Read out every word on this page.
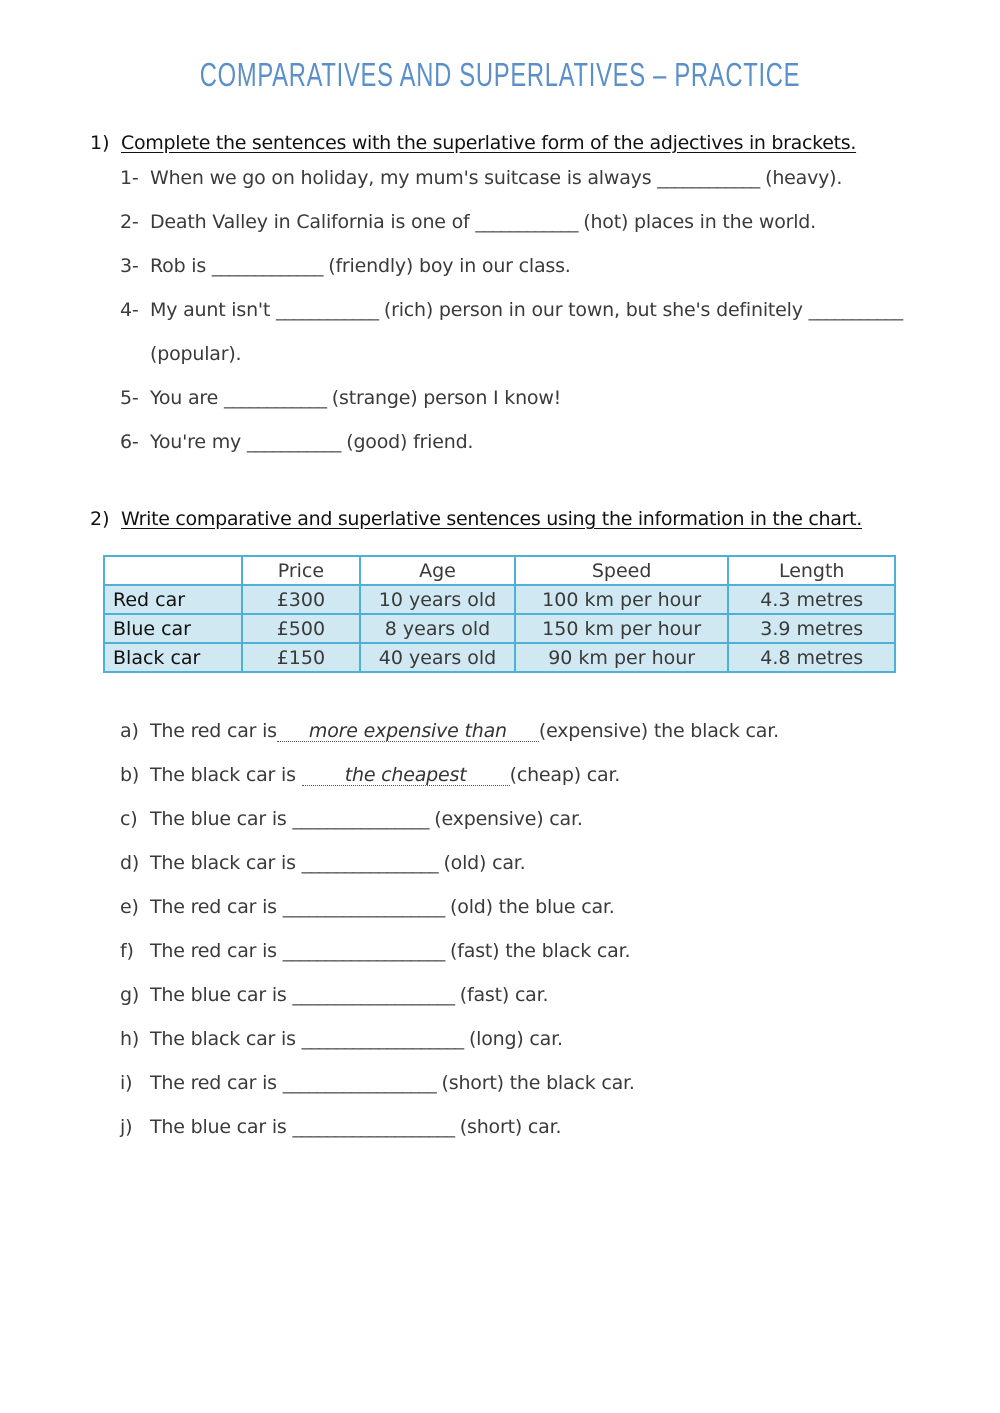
COMPARATIVES AND SUPERLATIVES – PRACTICE
1) Complete the sentences with the superlative form of the adjectives in brackets.
1- When we go on holiday, my mum's suitcase is always ____________ (heavy).
2- Death Valley in California is one of ____________ (hot) places in the world.
3- Rob is _____________ (friendly) boy in our class.
4- My aunt isn't ____________ (rich) person in our town, but she's definitely ___________
(popular).
5- You are ____________ (strange) person I know!
6- You're my ___________ (good) friend.
2) Write comparative and superlative sentences using the information in the chart.
	Price	Age	Speed	Length
Red car	£300	10 years old	100 km per hour	4.3 metres
Blue car	£500	8 years old	150 km per hour	3.9 metres
Black car	£150	40 years old	90 km per hour	4.8 metres
a) The red car is more expensive than (expensive) the black car.
b) The black car is the cheapest (cheap) car.
c) The blue car is ________________ (expensive) car.
d) The black car is ________________ (old) car.
e) The red car is ___________________ (old) the blue car.
f) The red car is ___________________ (fast) the black car.
g) The blue car is ___________________ (fast) car.
h) The black car is ___________________ (long) car.
i) The red car is __________________ (short) the black car.
j) The blue car is ___________________ (short) car.
